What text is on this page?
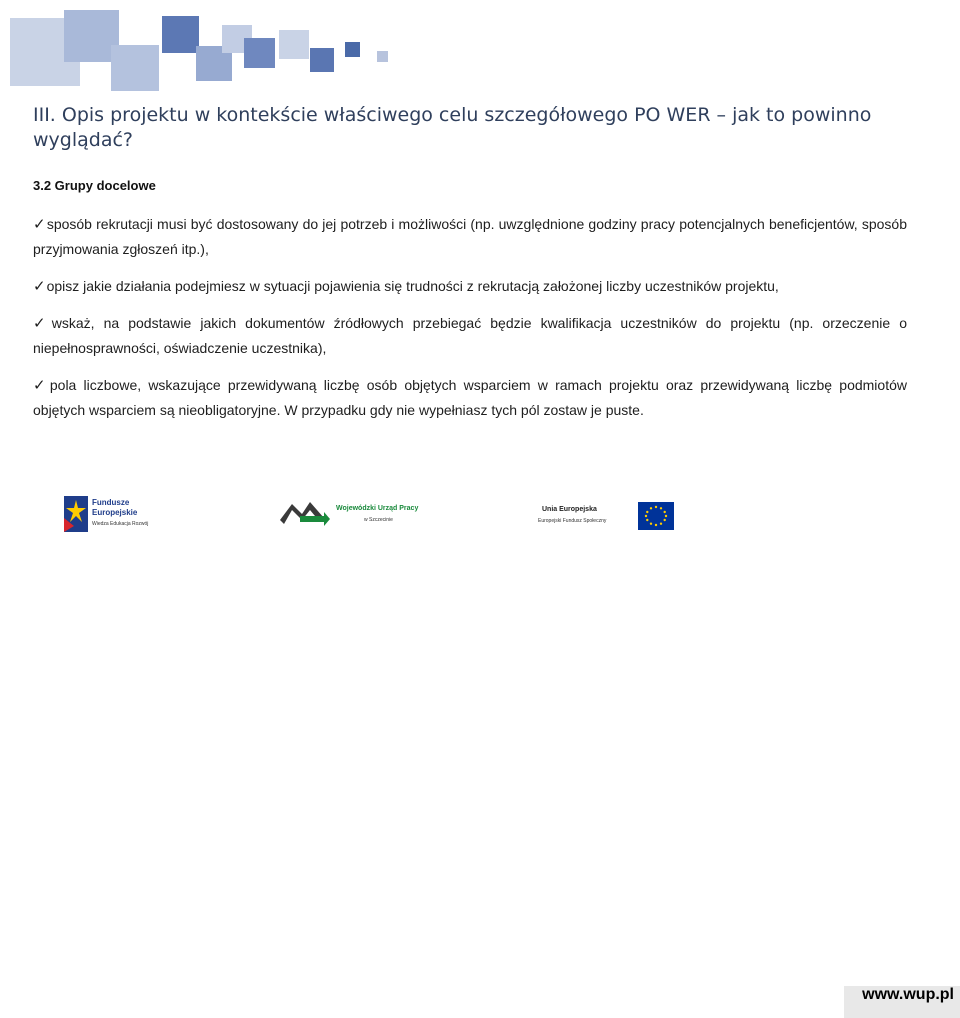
III. Opis projektu w kontekście właściwego celu szczegółowego PO WER – jak to powinno wyglądać?
3.2 Grupy docelowe
✓sposób rekrutacji musi być dostosowany do jej potrzeb i możliwości (np. uwzględnione godziny pracy potencjalnych beneficjentów, sposób przyjmowania zgłoszeń itp.),
✓opisz jakie działania podejmiesz w sytuacji pojawienia się trudności z rekrutacją założonej liczby uczestników projektu,
✓wskaż, na podstawie jakich dokumentów źródłowych przebiegać będzie kwalifikacja uczestników do projektu (np. orzeczenie o niepełnosprawności, oświadczenie uczestnika),
✓pola liczbowe, wskazujące przewidywaną liczbę osób objętych wsparciem w ramach projektu oraz przewidywaną liczbę podmiotów objętych wsparciem są nieobligatoryjne. W przypadku gdy nie wypełniasz tych pól zostaw je puste.
Fundusze
Europejskie
Wiedza Edukacja Rozwój
Wojewódzki Urząd Pracy
w Szczecinie
Unia Europejska
Europejski Fundusz Społeczny
www.wup.pl
